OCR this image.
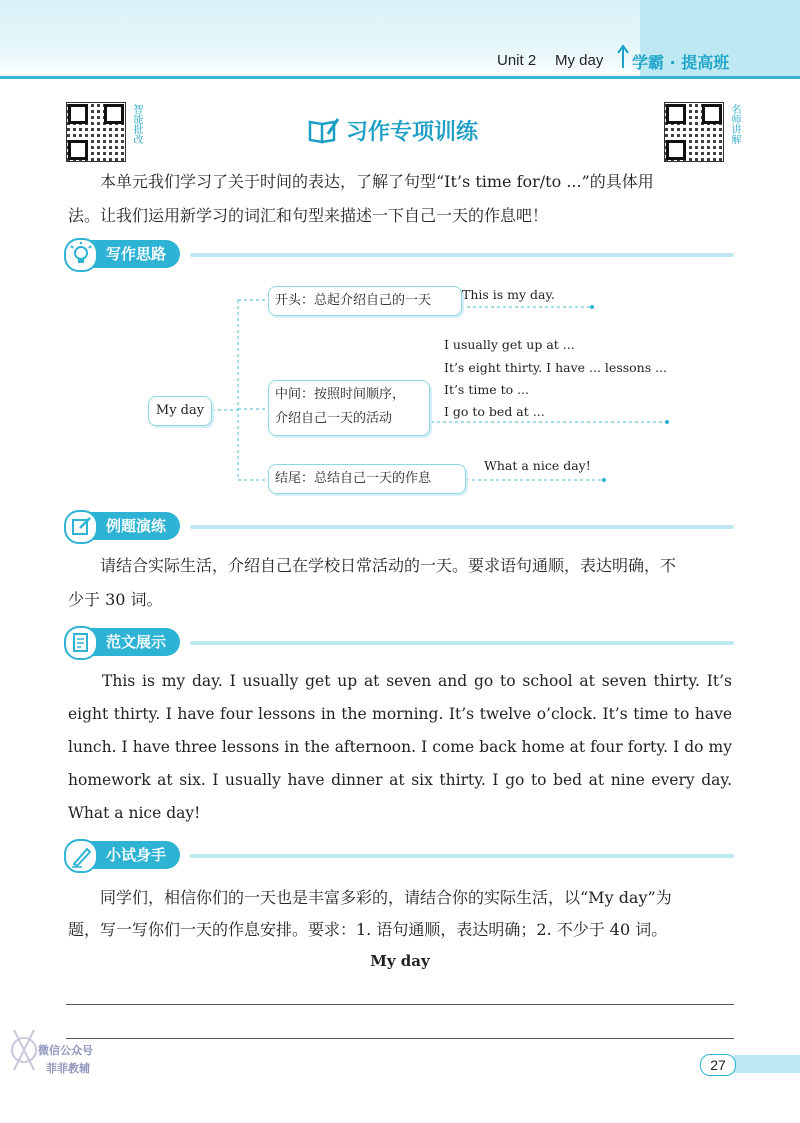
Unit 2 My day 学霸 · 提高班
智能批改	名师讲解
习作专项训练
本单元我们学习了关于时间的表达，了解了句型“It’s time for/to ...”的具体用
法。让我们运用新学习的词汇和句型来描述一下自己一天的作息吧！
写作思路
My day
开头：总起介绍自己的一天	This is my day.
中间：按照时间顺序，
介绍自己一天的活动
I usually get up at ...
It’s eight thirty. I have ... lessons ...
It’s time to ...
I go to bed at ...
结尾：总结自己一天的作息
What a nice day!
例题演练
请结合实际生活，介绍自己在学校日常活动的一天。要求语句通顺，表达明确，不
少于 30 词。
范文展示
This is my day. I usually get up at seven and go to school at seven thirty. It’s eight thirty. I have four lessons in the morning. It’s twelve o’clock. It’s time to have lunch. I have three lessons in the afternoon. I come back home at four forty. I do my homework at six. I usually have dinner at six thirty. I go to bed at nine every day. What a nice day!
小试身手
同学们，相信你们的一天也是丰富多彩的，请结合你的实际生活，以“My day”为
题，写一写你们一天的作息安排。要求：1. 语句通顺，表达明确；2. 不少于 40 词。
My day
微信公众号
菲菲教辅	27
